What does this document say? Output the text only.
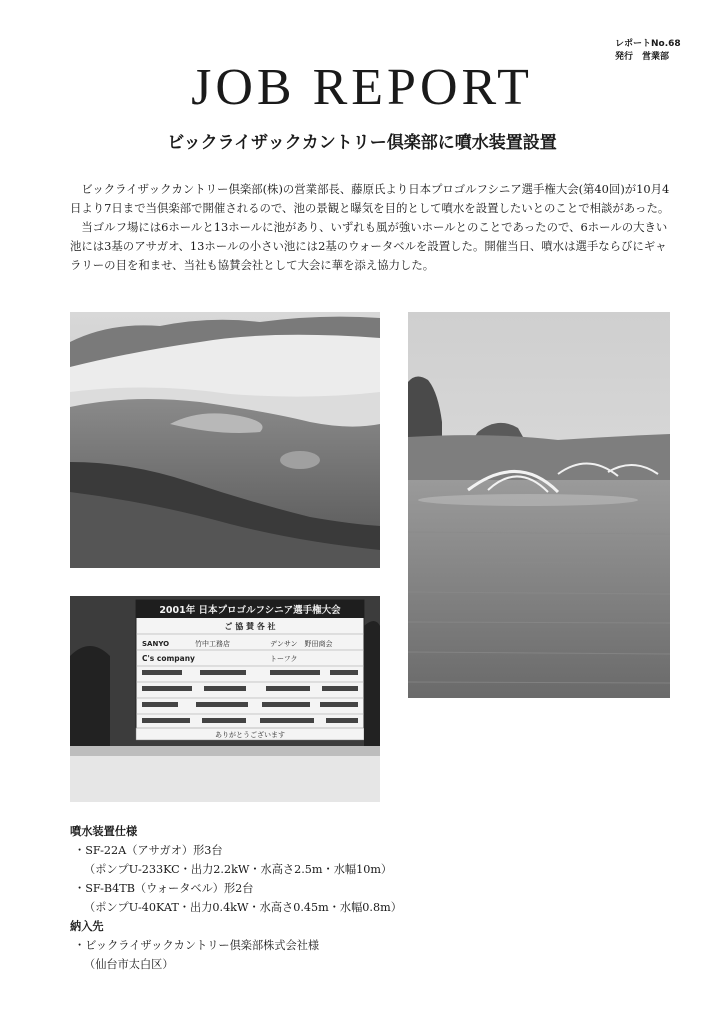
レポートNo.68
発行　営業部
JOB REPORT
ビックライザックカントリー倶楽部に噴水装置設置

ビックライザックカントリー倶楽部(株)の営業部長、藤原氏より日本プロゴルフシニア選手権大会(第40回)が10月4日より7日まで当倶楽部で開催されるので、池の景観と曝気を目的として噴水を設置したいとのことで相談があった。

当ゴルフ場には6ホールと13ホールに池があり、いずれも風が強いホールとのことであったので、6ホールの大きい池には3基のアサガオ、13ホールの小さい池には2基のウォータベルを設置した。開催当日、噴水は選手ならびにギャラリーの目を和ませ、当社も協賛会社として大会に華を添え協力した。

2001年 日本プロゴルフシニア選手権大会
ご 協 賛 各 社
SANYO	竹中工務店	デンサン　野田商会
C's company	トーフク
ありがとうございます
噴水装置仕様
・SF-22A（アサガオ）形3台
（ポンプU-233KC・出力2.2kW・水高さ2.5m・水幅10m）
・SF-B4TB（ウォータベル）形2台
（ポンプU-40KAT・出力0.4kW・水高さ0.45m・水幅0.8m）
納入先
・ビックライザックカントリー倶楽部株式会社様
（仙台市太白区）
